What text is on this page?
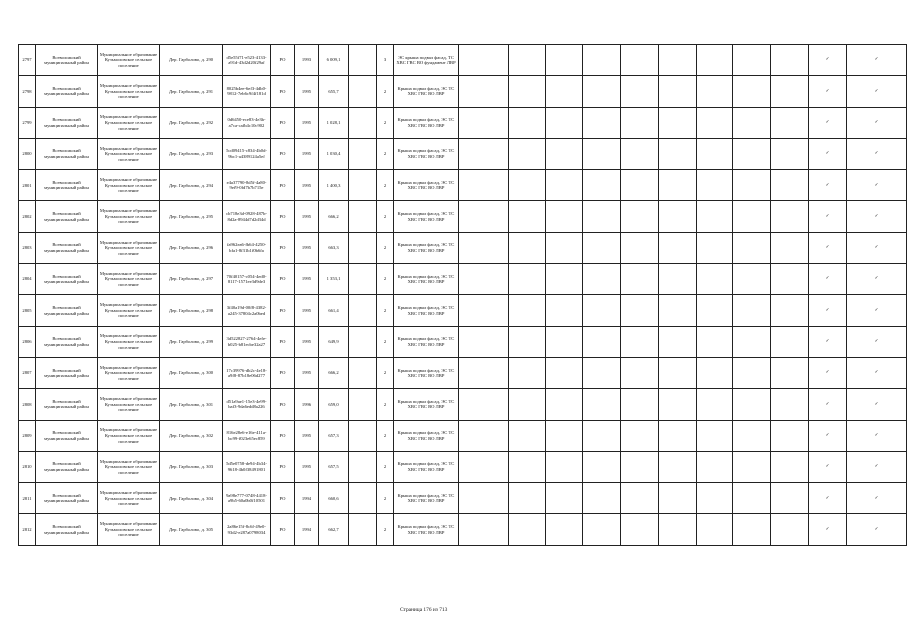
2797	Всеволожский муниципальный район	Муниципальное образование Кузьмоловское сельское поселение	Дер. Гарболово, д. 290	d5e55f71-e523-4133-a91d-43d2d20f29af	РО	1993	6 009,1		3	ЭС крыша подвал фасад, ТС ХВС ГВС ВО фундамент ЛВР										✓	✓
2798	Всеволожский муниципальный район	Муниципальное образование Кузьмоловское сельское поселение	Дер. Гарболово, д. 291	8025b4ee-6ef3-4db0-9812-7eb6c9f4f181d	РО	1995	655,7		2	Крыша подвал фасад, ЭС ТС ХВС ГВС ВО ЛВР										✓	✓
2799	Всеволожский муниципальный район	Муниципальное образование Кузьмоловское сельское поселение	Дер. Гарболово, д. 292	0d6450-ece83-4e3b-a7ca-cafb4c10c902	РО	1995	1 028,1		2	Крыша подвал фасад, ЭС ТС ХВС ГВС ВО ЛВР										✓	✓
2800	Всеволожский муниципальный район	Муниципальное образование Кузьмоловское сельское поселение	Дер. Гарболово, д. 293	5cd09415-c834-4b0d-9bc1-a4389124a5ef	РО	1995	1 030,4		2	Крыша подвал фасад, ЭС ТС ХВС ГВС ВО ЛВР										✓	✓
2801	Всеволожский муниципальный район	Муниципальное образование Кузьмоловское сельское поселение	Дер. Гарболово, д. 294	e4a37790-8d5f-4a80-9ef9-0fd7b7b715e	РО	1995	1 400,3		2	Крыша подвал фасад, ЭС ТС ХВС ГВС ВО ЛВР										✓	✓
2802	Всеволожский муниципальный район	Муниципальное образование Кузьмоловское сельское поселение	Дер. Гарболово, д. 295	cb718e3d-0928-487b-8d2a-8944d7d2d34d	РО	1995	666,2		2	Крыша подвал фасад, ЭС ТС ХВС ГВС ВО ЛВР										✓	✓
2803	Всеволожский муниципальный район	Муниципальное образование Кузьмоловское сельское поселение	Дер. Гарболово, д. 296	fa962ea6-fb64-4250-bfa1-8f31b1f0b6fa	РО	1995	663,3		2	Крыша подвал фасад, ЭС ТС ХВС ГВС ВО ЛВР										✓	✓
2804	Всеволожский муниципальный район	Муниципальное образование Кузьмоловское сельское поселение	Дер. Гарболово, д. 297	70f40157-c054-4ed0-8117-1571ee3d9de3	РО	1995	1 353,1		2	Крыша подвал фасад, ЭС ТС ХВС ГВС ВО ЛВР										✓	✓
2805	Всеволожский муниципальный район	Муниципальное образование Кузьмоловское сельское поселение	Дер. Гарболово, д. 298	3f40a19d-00f8-4382-a245-37804c2a0bed	РО	1995	661,4		2	Крыша подвал фасад, ЭС ТС ХВС ГВС ВО ЛВР										✓	✓
2806	Всеволожский муниципальный район	Муниципальное образование Кузьмоловское сельское поселение	Дер. Гарболово, д. 299	3d522827-2764-4efe-b025-b81ecbe32a27	РО	1995	649,9		2	Крыша подвал фасад, ЭС ТС ХВС ГВС ВО ЛВР										✓	✓
2807	Всеволожский муниципальный район	Муниципальное образование Кузьмоловское сельское поселение	Дер. Гарболово, д. 300	17c39976-db2c-4e18-a9f8-87b18e06d277	РО	1995	666,2		2	Крыша подвал фасад, ЭС ТС ХВС ГВС ВО ЛВР										✓	✓
2808	Всеволожский муниципальный район	Муниципальное образование Кузьмоловское сельское поселение	Дер. Гарболово, д. 301	d51a9ae1-15e3-4e99-baf3-9da6edd8a226	РО	1996	659,0		2	Крыша подвал фасад, ЭС ТС ХВС ГВС ВО ЛВР										✓	✓
2809	Всеволожский муниципальный район	Муниципальное образование Кузьмоловское сельское поселение	Дер. Гарболово, д. 302	816e28e6-e16e-411a-bc99-f023e65ec859	РО	1995	657,3		2	Крыша подвал фасад, ЭС ТС ХВС ГВС ВО ЛВР										✓	✓
2810	Всеволожский муниципальный район	Муниципальное образование Кузьмоловское сельское поселение	Дер. Гарболово, д. 303	5d5e0758-de94-4b34-9618-4b0f38491801	РО	1995	657,5		2	Крыша подвал фасад, ЭС ТС ХВС ГВС ВО ЛВР										✓	✓
2811	Всеволожский муниципальный район	Муниципальное образование Кузьмоловское сельское поселение	Дер. Гарболово, д. 304	9a98e777-0748-4418-a9b5-60a0b0f10501	РО	1994	660,6		2	Крыша подвал фасад, ЭС ТС ХВС ГВС ВО ЛВР										✓	✓
2812	Всеволожский муниципальный район	Муниципальное образование Кузьмоловское сельское поселение	Дер. Гарболово, д. 305	2a86e15f-8c6f-49e0-93d2-e287a0798034	РО	1994	662,7		2	Крыша подвал фасад, ЭС ТС ХВС ГВС ВО ЛВР										✓	✓
Страница 176 из 713
